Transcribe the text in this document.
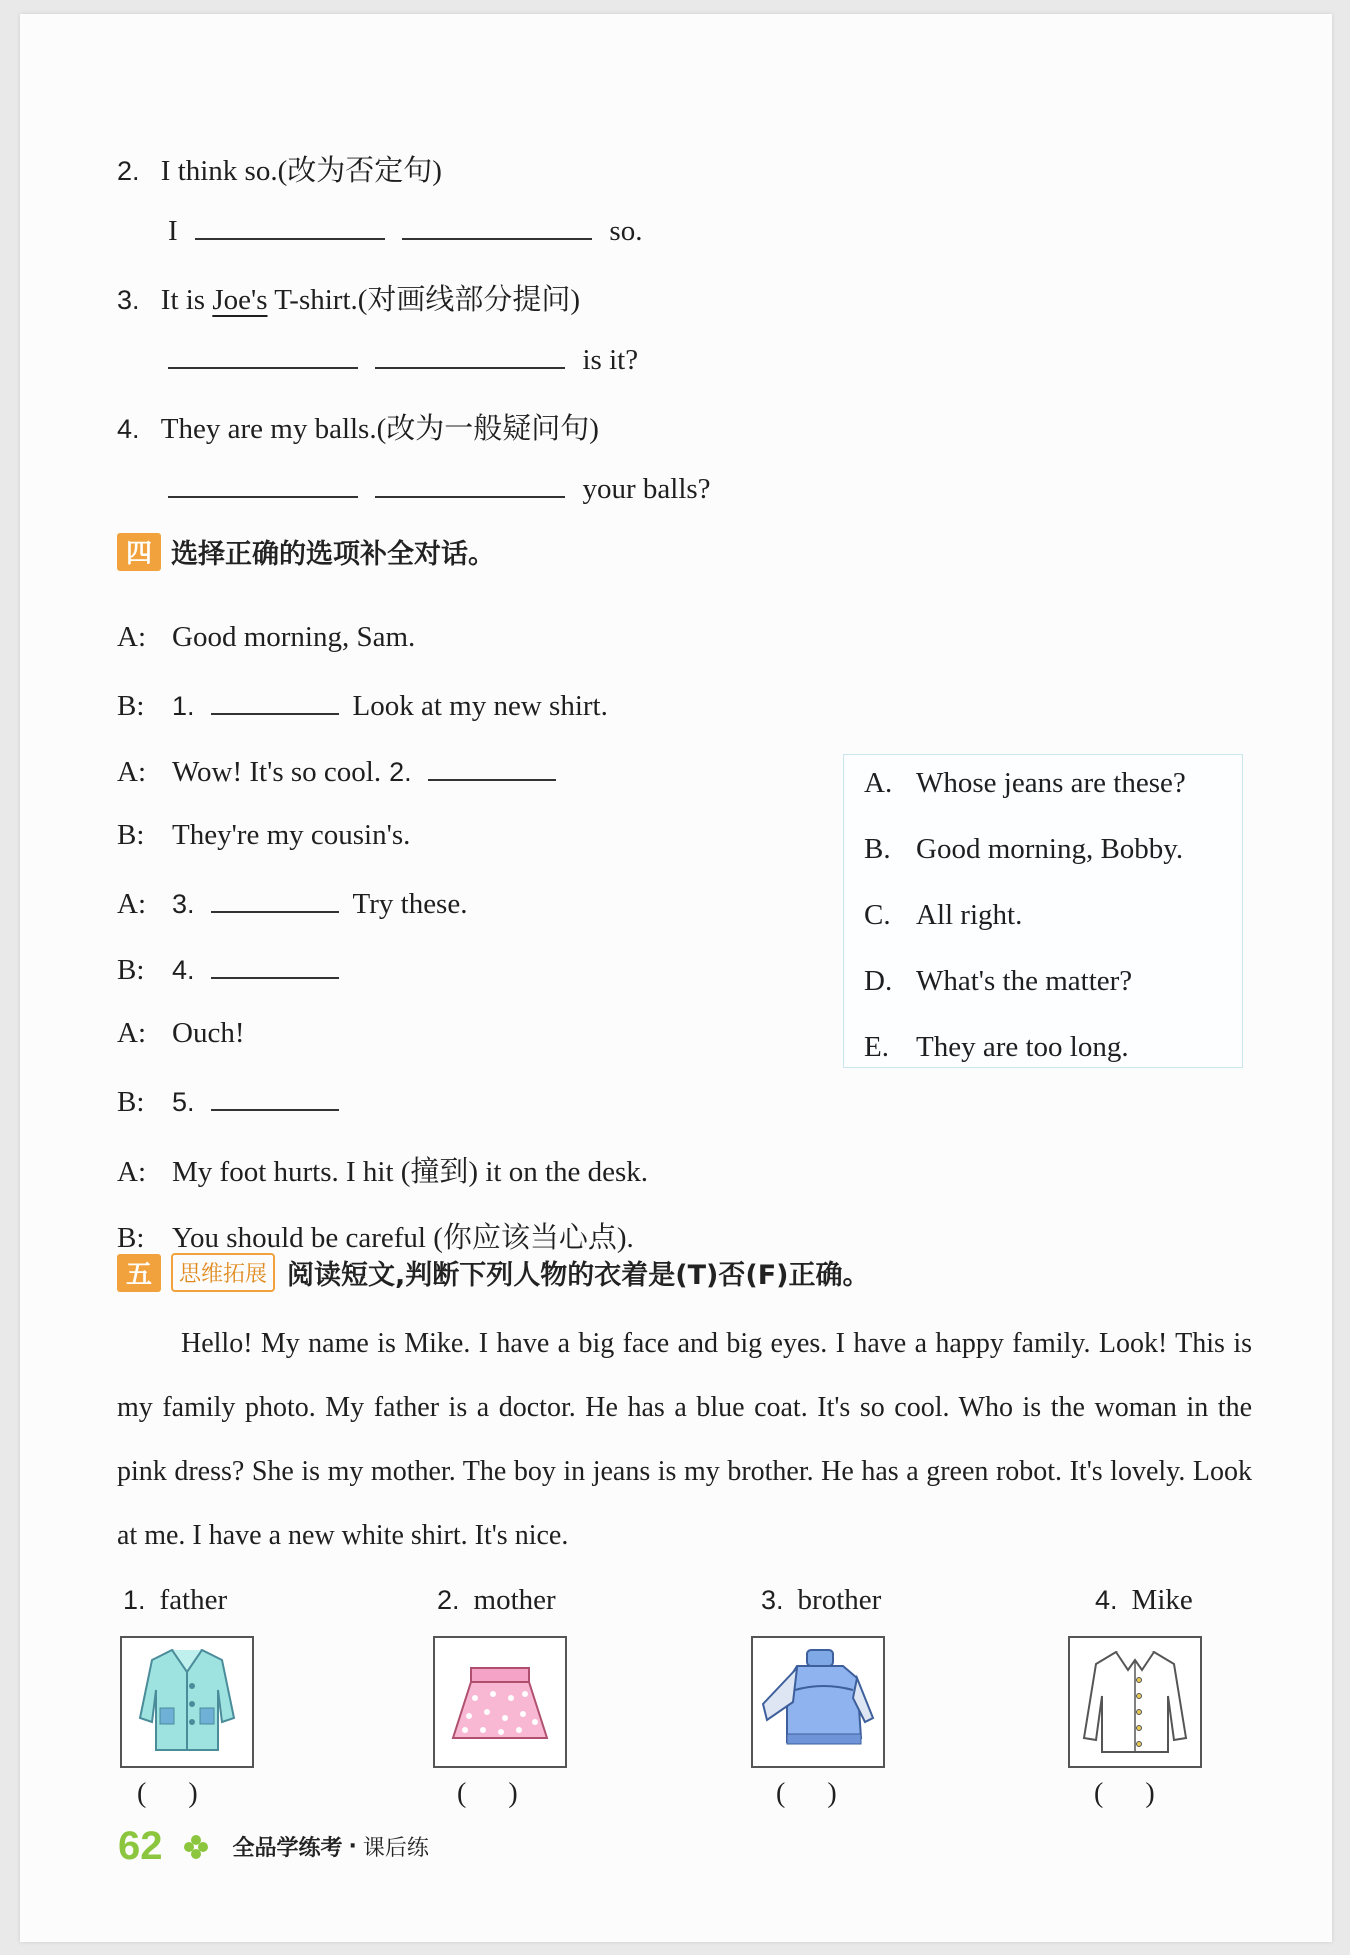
2. I think so.(改为否定句)
I	so.
3. It is Joe's T-shirt.(对画线部分提问)
is it?
4. They are my balls.(改为一般疑问句)
your balls?
四 选择正确的选项补全对话。
A: Good morning, Sam.
B: 1.	Look at my new shirt.
A: Wow! It's so cool. 2.
B: They're my cousin's.
A: 3.	Try these.
B: 4.
A: Ouch!
B: 5.
A: My foot hurts. I hit (撞到) it on the desk.
B: You should be careful (你应该当心点).
A. Whose jeans are these?
B. Good morning, Bobby.
C. All right.
D. What's the matter?
E. They are too long.
五	思维拓展 阅读短文,判断下列人物的衣着是(T)否(F)正确。
Hello! My name is Mike. I have a big face and big eyes. I have a happy family. Look! This is my family photo. My father is a doctor. He has a blue coat. It's so cool. Who is the woman in the pink dress? She is my mother. The boy in jeans is my brother. He has a green robot. It's lovely. Look at me. I have a new white shirt. It's nice.
1. father	2. mother	3. brother	4. Mike
(      )	(      )	(      )	(      )
62	全品学练考 · 课后练
